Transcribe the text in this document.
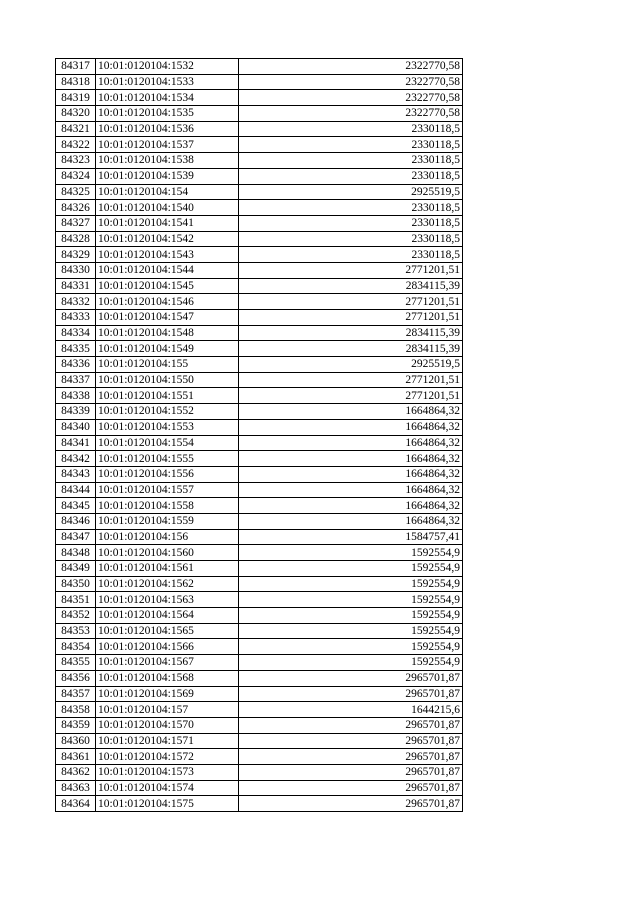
84317	10:01:0120104:1532	2322770,58
84318	10:01:0120104:1533	2322770,58
84319	10:01:0120104:1534	2322770,58
84320	10:01:0120104:1535	2322770,58
84321	10:01:0120104:1536	2330118,5
84322	10:01:0120104:1537	2330118,5
84323	10:01:0120104:1538	2330118,5
84324	10:01:0120104:1539	2330118,5
84325	10:01:0120104:154	2925519,5
84326	10:01:0120104:1540	2330118,5
84327	10:01:0120104:1541	2330118,5
84328	10:01:0120104:1542	2330118,5
84329	10:01:0120104:1543	2330118,5
84330	10:01:0120104:1544	2771201,51
84331	10:01:0120104:1545	2834115,39
84332	10:01:0120104:1546	2771201,51
84333	10:01:0120104:1547	2771201,51
84334	10:01:0120104:1548	2834115,39
84335	10:01:0120104:1549	2834115,39
84336	10:01:0120104:155	2925519,5
84337	10:01:0120104:1550	2771201,51
84338	10:01:0120104:1551	2771201,51
84339	10:01:0120104:1552	1664864,32
84340	10:01:0120104:1553	1664864,32
84341	10:01:0120104:1554	1664864,32
84342	10:01:0120104:1555	1664864,32
84343	10:01:0120104:1556	1664864,32
84344	10:01:0120104:1557	1664864,32
84345	10:01:0120104:1558	1664864,32
84346	10:01:0120104:1559	1664864,32
84347	10:01:0120104:156	1584757,41
84348	10:01:0120104:1560	1592554,9
84349	10:01:0120104:1561	1592554,9
84350	10:01:0120104:1562	1592554,9
84351	10:01:0120104:1563	1592554,9
84352	10:01:0120104:1564	1592554,9
84353	10:01:0120104:1565	1592554,9
84354	10:01:0120104:1566	1592554,9
84355	10:01:0120104:1567	1592554,9
84356	10:01:0120104:1568	2965701,87
84357	10:01:0120104:1569	2965701,87
84358	10:01:0120104:157	1644215,6
84359	10:01:0120104:1570	2965701,87
84360	10:01:0120104:1571	2965701,87
84361	10:01:0120104:1572	2965701,87
84362	10:01:0120104:1573	2965701,87
84363	10:01:0120104:1574	2965701,87
84364	10:01:0120104:1575	2965701,87
